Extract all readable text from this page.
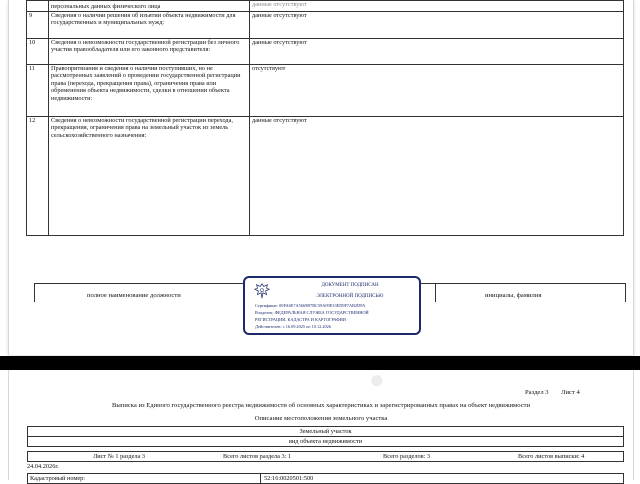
	персональных данных физического лица	данные отсутствуют
9	Сведения о наличии решения об изъятии объекта недвижимости для государственных и муниципальных нужд:	данные отсутствуют
10	Сведения о невозможности государственной регистрации без личного участия правообладателя или его законного представителя:	данные отсутствуют
11	Правопритязания и сведения о наличии поступивших, но не рассмотренных заявлений о проведении государственной регистрации права (перехода, прекращения права), ограничения права или обременения объекта недвижимости, сделки в отношении объекта недвижимости:	отсутствуют
12	Сведения о невозможности государственной регистрации перехода, прекращения, ограничения права на земельный участок из земель сельскохозяйственного назначения:	данные отсутствуют
полное наименование должности	инициалы, фамилия
ДОКУМЕНТ ПОДПИСАН
ЭЛЕКТРОННОЙ ПОДПИСЬЮ
Сертификат: 00FA6E7A5669B7BC59A09E33ED9F7AB2DFA
Владелец: ФЕДЕРАЛЬНАЯ СЛУЖБА ГОСУДАРСТВЕННОЙ
РЕГИСТРАЦИИ, КАДАСТРА И КАРТОГРАФИИ
Действителен: с 16.09.2025 по 10.12.2026
Раздел 3 Лист 4
Выписка из Единого государственного реестра недвижимости об основных характеристиках и зарегистрированных правах на объект недвижимости
Описание местоположения земельного участка
Земельный участок
вид объекта недвижимости
Лист № 1 раздела 3	Всего листов раздела 3: 1	Всего разделов: 3	Всего листов выписки: 4
24.04.2026г.
Кадастровый номер:	52:16:0020501:500
●
